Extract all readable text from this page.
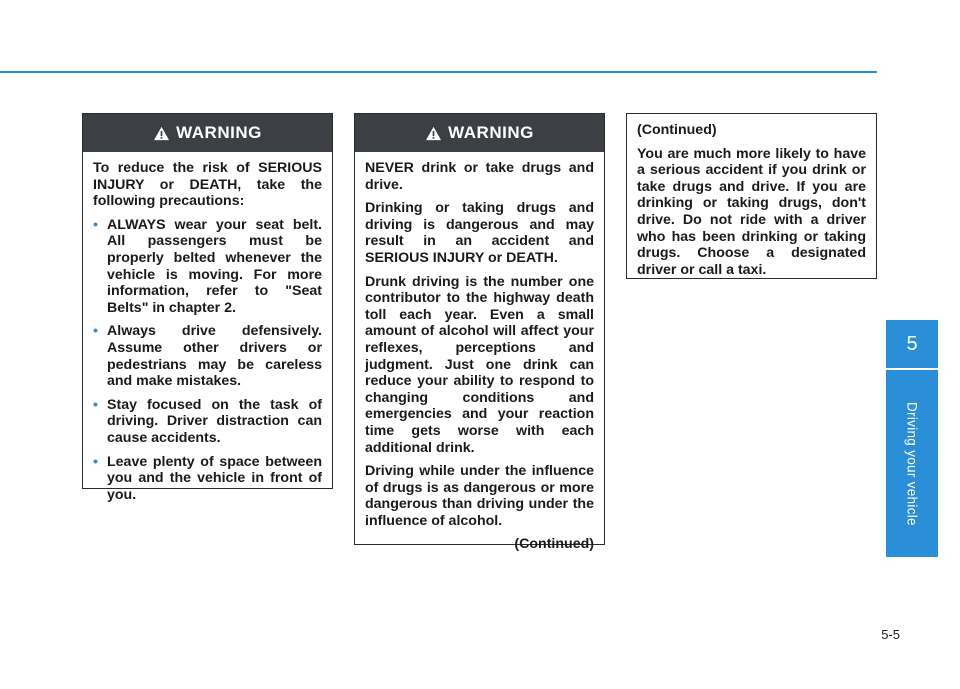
WARNING

To reduce the risk of SERIOUS INJURY or DEATH, take the following precautions:

• ALWAYS wear your seat belt. All passengers must be properly belted whenever the vehicle is moving. For more information, refer to "Seat Belts" in chapter 2.
• Always drive defensively. Assume other drivers or pedestrians may be careless and make mistakes.
• Stay focused on the task of driving. Driver distraction can cause accidents.
• Leave plenty of space between you and the vehicle in front of you.
WARNING

NEVER drink or take drugs and drive.

Drinking or taking drugs and driving is dangerous and may result in an accident and SERIOUS INJURY or DEATH.

Drunk driving is the number one contributor to the highway death toll each year. Even a small amount of alcohol will affect your reflexes, perceptions and judgment. Just one drink can reduce your ability to respond to changing conditions and emergencies and your reaction time gets worse with each additional drink.

Driving while under the influence of drugs is as dangerous or more dangerous than driving under the influence of alcohol.

(Continued)

(Continued)

You are much more likely to have a serious accident if you drink or take drugs and drive. If you are drinking or taking drugs, don't drive. Do not ride with a driver who has been drinking or taking drugs. Choose a designated driver or call a taxi.

5
Driving your vehicle
5-5
